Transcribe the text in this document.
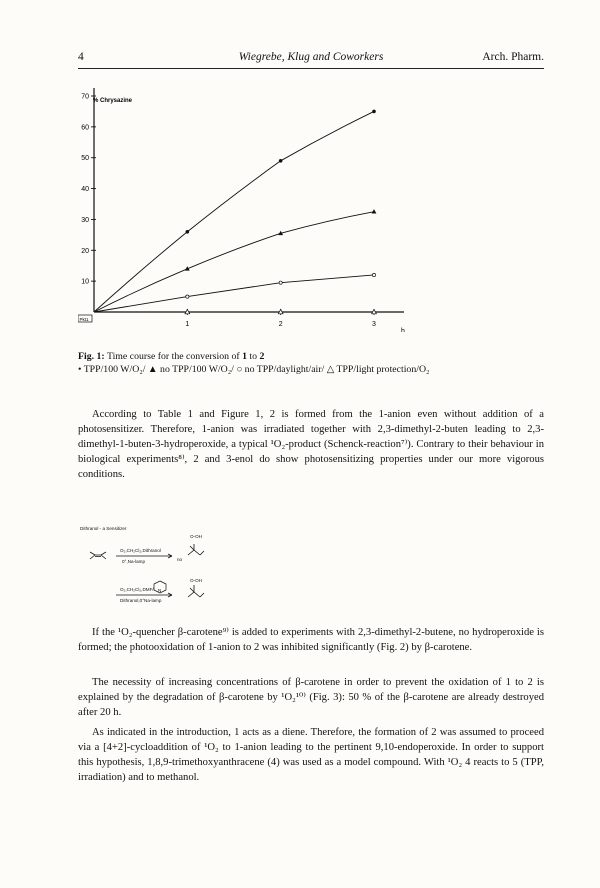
4	Wiegrebe, Klug and Coworkers	Arch. Pharm.
70
60
50
40
30
20
10
1	2	3
% Chrysazine
h
Pkt1
Fig. 1: Time course for the conversion of 1 to 2
• TPP/100 W/O₂/ ▲ no TPP/100 W/O₂/ ○ no TPP/daylight/air/ △ TPP/light protection/O₂
According to Table 1 and Figure 1, 2 is formed from the 1-anion even without addition of a photosensitizer. Therefore, 1-anion was irradiated together with 2,3-dimethyl-2-buten leading to 2,3-dimethyl-1-buten-3-hydroperoxide, a typical ¹O₂-product (Schenck-reaction⁷⁾). Contrary to their behaviour in biological experiments⁸⁾, 2 and 3-enol do show photosensitizing properties under our more vigorous conditions.
Dithranol - a Sensitizer
O₂,CH₂Cl₂,Dithranol
0°,Na-lamp	no
O-OH
O₂,CH₂Cl₂,DMF/ N
Dithranol,0°Na-lamp
O-OH
If the ¹O₂-quencher β-carotene⁹⁾ is added to experiments with 2,3-dimethyl-2-butene, no hydroperoxide is formed; the photooxidation of 1-anion to 2 was inhibited significantly (Fig. 2) by β-carotene.
The necessity of increasing concentrations of β-carotene in order to prevent the oxidation of 1 to 2 is explained by the degradation of β-carotene by ¹O₂¹⁰⁾ (Fig. 3): 50 % of the β-carotene are already destroyed after 20 h.
As indicated in the introduction, 1 acts as a diene. Therefore, the formation of 2 was assumed to proceed via a [4+2]-cycloaddition of ¹O₂ to 1-anion leading to the pertinent 9,10-endoperoxide. In order to support this hypothesis, 1,8,9-trimethoxyanthracene (4) was used as a model compound. With ¹O₂ 4 reacts to 5 (TPP, irradiation) and to methanol.
